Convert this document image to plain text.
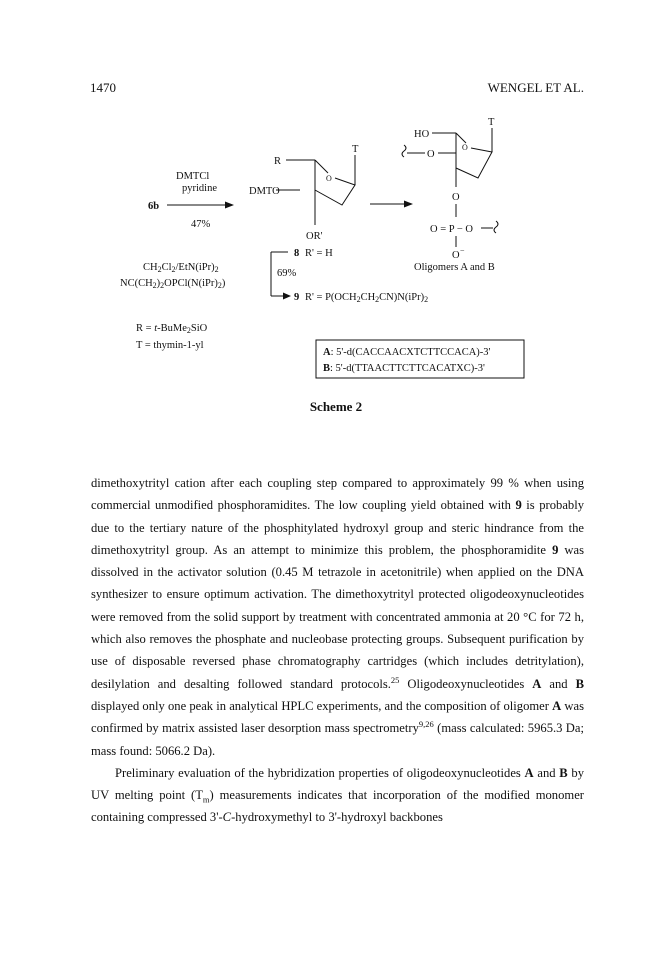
1470	WENGEL ET AL.
DMTCl
pyridine
6b
47%
R
DMTO
O
T
OR'
HO
O
O
T
O
O = P − O
O −
Oligomers A and B
8 R' = H
CH2Cl2/EtN(iPr)2
NC(CH2)2OPCl(N(iPr)2)
69%
9 R' = P(OCH2CH2CN)N(iPr)2
R = t-BuMe2SiO
T = thymin-1-yl
A: 5'-d(CACCAACXTCTTCCACA)-3'
B: 5'-d(TTAACTTCTTCACATXC)-3'
Scheme 2

dimethoxytrityl cation after each coupling step compared to approximately 99 % when using commercial unmodified phosphoramidites. The low coupling yield obtained with 9 is probably due to the tertiary nature of the phosphitylated hydroxyl group and steric hindrance from the dimethoxytrityl group. As an attempt to minimize this problem, the phosphoramidite 9 was dissolved in the activator solution (0.45 M tetrazole in acetonitrile) when applied on the DNA synthesizer to ensure optimum activation. The dimethoxytrityl protected oligodeoxynucleotides were removed from the solid support by treatment with concentrated ammonia at 20 °C for 72 h, which also removes the phosphate and nucleobase protecting groups. Subsequent purification by use of disposable reversed phase chromatography cartridges (which includes detritylation), desilylation and desalting followed standard protocols.$^{25}$ Oligodeoxynucleotides A and B displayed only one peak in analytical HPLC experiments, and the composition of oligomer A was confirmed by matrix assisted laser desorption mass spectrometry$^{9,26}$ (mass calculated: 5965.3 Da; mass found: 5066.2 Da).

Preliminary evaluation of the hybridization properties of oligodeoxynucleotides A and B by UV melting point $(T_m)$ measurements indicates that incorporation of the modified monomer containing compressed 3'-C-hydroxymethyl to 3'-hydroxyl backbones
